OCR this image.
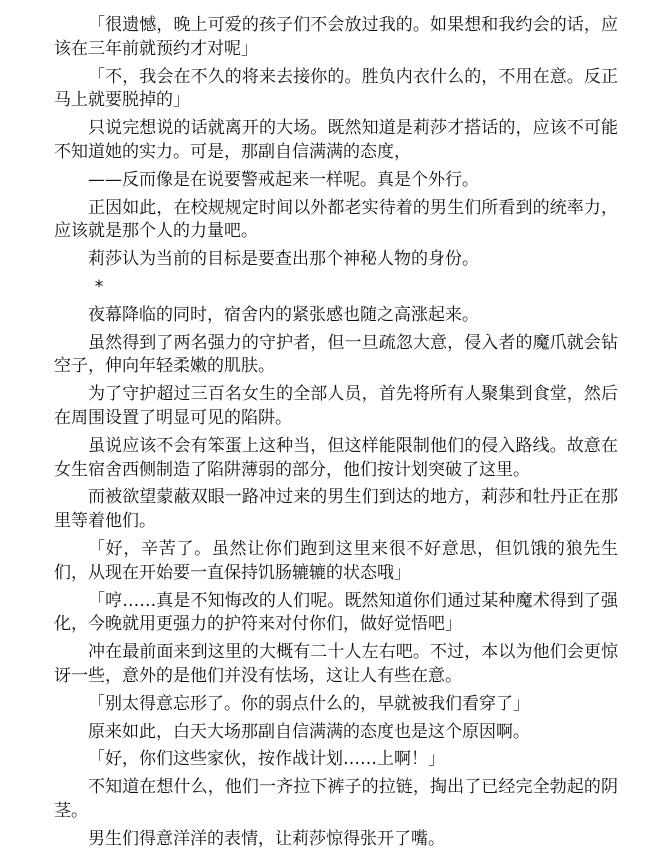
「很遗憾，晚上可爱的孩子们不会放过我的。如果想和我约会的话，应该在三年前就预约才对呢」

「不，我会在不久的将来去接你的。胜负内衣什么的，不用在意。反正马上就要脱掉的」

只说完想说的话就离开的大场。既然知道是莉莎才搭话的，应该不可能不知道她的实力。可是，那副自信满满的态度，

——反而像是在说要警戒起来一样呢。真是个外行。

正因如此，在校规规定时间以外都老实待着的男生们所看到的统率力，应该就是那个人的力量吧。

莉莎认为当前的目标是要查出那个神秘人物的身份。

*

夜幕降临的同时，宿舍内的紧张感也随之高涨起来。

虽然得到了两名强力的守护者，但一旦疏忽大意，侵入者的魔爪就会钻空子，伸向年轻柔嫩的肌肤。

为了守护超过三百名女生的全部人员，首先将所有人聚集到食堂，然后在周围设置了明显可见的陷阱。

虽说应该不会有笨蛋上这种当，但这样能限制他们的侵入路线。故意在女生宿舍西侧制造了陷阱薄弱的部分，他们按计划突破了这里。

而被欲望蒙蔽双眼一路冲过来的男生们到达的地方，莉莎和牡丹正在那里等着他们。

「好，辛苦了。虽然让你们跑到这里来很不好意思，但饥饿的狼先生们，从现在开始要一直保持饥肠辘辘的状态哦」

「哼……真是不知悔改的人们呢。既然知道你们通过某种魔术得到了强化，今晚就用更强力的护符来对付你们，做好觉悟吧」

冲在最前面来到这里的大概有二十人左右吧。不过，本以为他们会更惊讶一些，意外的是他们并没有怯场，这让人有些在意。

「别太得意忘形了。你的弱点什么的，早就被我们看穿了」

原来如此，白天大场那副自信满满的态度也是这个原因啊。

「好，你们这些家伙，按作战计划……上啊！」

不知道在想什么，他们一齐拉下裤子的拉链，掏出了已经完全勃起的阴茎。

男生们得意洋洋的表情，让莉莎惊得张开了嘴。
